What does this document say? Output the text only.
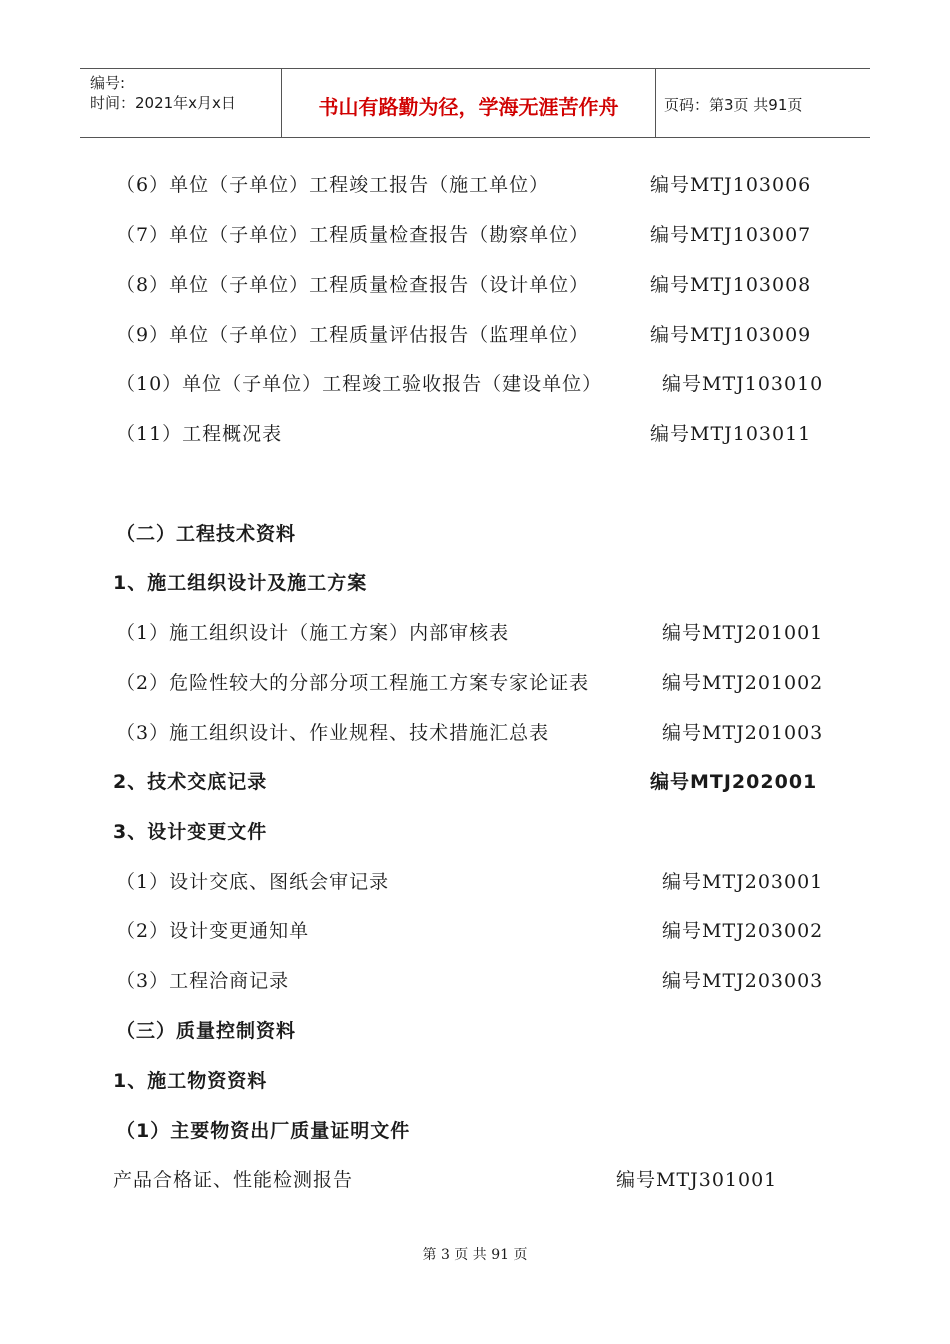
编号:
时间：2021年x月x日	书山有路勤为径，学海无涯苦作舟	页码：第3页 共91页
（6）单位（子单位）工程竣工报告（施工单位）	编号MTJ103006
（7）单位（子单位）工程质量检查报告（勘察单位）	编号MTJ103007
（8）单位（子单位）工程质量检查报告（设计单位）	编号MTJ103008
（9）单位（子单位）工程质量评估报告（监理单位）	编号MTJ103009
（10）单位（子单位）工程竣工验收报告（建设单位）	编号MTJ103010
（11）工程概况表	编号MTJ103011
（二）工程技术资料
1、施工组织设计及施工方案
（1）施工组织设计（施工方案）内部审核表	编号MTJ201001
（2）危险性较大的分部分项工程施工方案专家论证表	编号MTJ201002
（3）施工组织设计、作业规程、技术措施汇总表	编号MTJ201003
2、技术交底记录	编号MTJ202001
3、设计变更文件
（1）设计交底、图纸会审记录	编号MTJ203001
（2）设计变更通知单	编号MTJ203002
（3）工程洽商记录	编号MTJ203003
（三）质量控制资料
1、施工物资资料
（1）主要物资出厂质量证明文件
产品合格证、性能检测报告	编号MTJ301001
第 3 页 共 91 页
